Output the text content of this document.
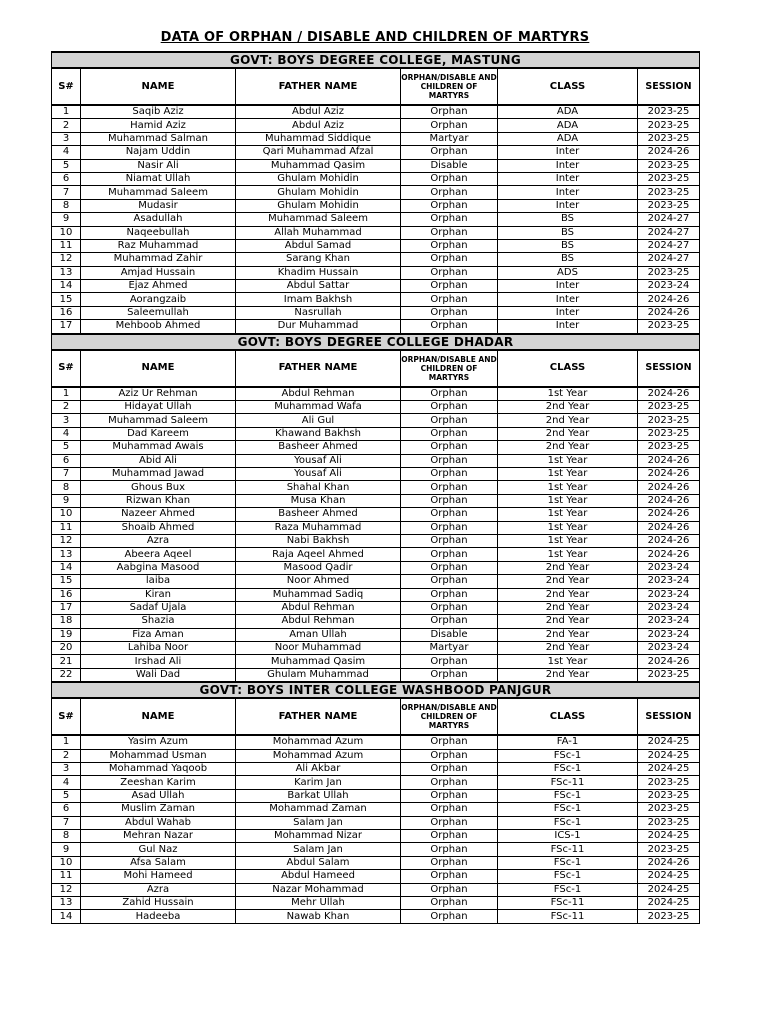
DATA OF ORPHAN / DISABLE AND CHILDREN OF MARTYRS
GOVT: BOYS DEGREE COLLEGE, MASTUNG					
S#	NAME	FATHER NAME	ORPHAN/DISABLE AND CHILDREN OF MARTYRS	CLASS	SESSION
1	Saqib Aziz	Abdul Aziz	Orphan	ADA	2023-25
2	Hamid Aziz	Abdul Aziz	Orphan	ADA	2023-25
3	Muhammad Salman	Muhammad Siddique	Martyar	ADA	2023-25
4	Najam Uddin	Qari Muhammad Afzal	Orphan	Inter	2024-26
5	Nasir Ali	Muhammad Qasim	Disable	Inter	2023-25
6	Niamat Ullah	Ghulam Mohidin	Orphan	Inter	2023-25
7	Muhammad Saleem	Ghulam Mohidin	Orphan	Inter	2023-25
8	Mudasir	Ghulam Mohidin	Orphan	Inter	2023-25
9	Asadullah	Muhammad Saleem	Orphan	BS	2024-27
10	Naqeebullah	Allah Muhammad	Orphan	BS	2024-27
11	Raz Muhammad	Abdul Samad	Orphan	BS	2024-27
12	Muhammad Zahir	Sarang Khan	Orphan	BS	2024-27
13	Amjad Hussain	Khadim Hussain	Orphan	ADS	2023-25
14	Ejaz Ahmed	Abdul Sattar	Orphan	Inter	2023-24
15	Aorangzaib	Imam Bakhsh	Orphan	Inter	2024-26
16	Saleemullah	Nasrullah	Orphan	Inter	2024-26
17	Mehboob Ahmed	Dur Muhammad	Orphan	Inter	2023-25
GOVT: BOYS DEGREE COLLEGE DHADAR					
S#	NAME	FATHER NAME	ORPHAN/DISABLE AND CHILDREN OF MARTYRS	CLASS	SESSION
1	Aziz Ur Rehman	Abdul Rehman	Orphan	1st Year	2024-26
2	Hidayat Ullah	Muhammad Wafa	Orphan	2nd Year	2023-25
3	Muhammad Saleem	Ali Gul	Orphan	2nd Year	2023-25
4	Dad Kareem	Khawand Bakhsh	Orphan	2nd Year	2023-25
5	Muhammad Awais	Basheer Ahmed	Orphan	2nd Year	2023-25
6	Abid Ali	Yousaf Ali	Orphan	1st Year	2024-26
7	Muhammad Jawad	Yousaf Ali	Orphan	1st Year	2024-26
8	Ghous Bux	Shahal Khan	Orphan	1st Year	2024-26
9	Rizwan Khan	Musa Khan	Orphan	1st Year	2024-26
10	Nazeer Ahmed	Basheer Ahmed	Orphan	1st Year	2024-26
11	Shoaib Ahmed	Raza Muhammad	Orphan	1st Year	2024-26
12	Azra	Nabi Bakhsh	Orphan	1st Year	2024-26
13	Abeera Aqeel	Raja Aqeel Ahmed	Orphan	1st Year	2024-26
14	Aabgina Masood	Masood Qadir	Orphan	2nd Year	2023-24
15	laiba	Noor Ahmed	Orphan	2nd Year	2023-24
16	Kiran	Muhammad Sadiq	Orphan	2nd Year	2023-24
17	Sadaf Ujala	Abdul Rehman	Orphan	2nd Year	2023-24
18	Shazia	Abdul Rehman	Orphan	2nd Year	2023-24
19	Fiza Aman	Aman Ullah	Disable	2nd Year	2023-24
20	Lahiba Noor	Noor Muhammad	Martyar	2nd Year	2023-24
21	Irshad Ali	Muhammad Qasim	Orphan	1st Year	2024-26
22	Wali Dad	Ghulam Muhammad	Orphan	2nd Year	2023-25
GOVT: BOYS INTER COLLEGE WASHBOOD PANJGUR					
S#	NAME	FATHER NAME	ORPHAN/DISABLE AND CHILDREN OF MARTYRS	CLASS	SESSION
1	Yasim Azum	Mohammad Azum	Orphan	FA-1	2024-25
2	Mohammad Usman	Mohammad Azum	Orphan	FSc-1	2024-25
3	Mohammad Yaqoob	Ali Akbar	Orphan	FSc-1	2024-25
4	Zeeshan Karim	Karim Jan	Orphan	FSc-11	2023-25
5	Asad Ullah	Barkat Ullah	Orphan	FSc-1	2023-25
6	Muslim Zaman	Mohammad Zaman	Orphan	FSc-1	2023-25
7	Abdul Wahab	Salam Jan	Orphan	FSc-1	2023-25
8	Mehran Nazar	Mohammad Nizar	Orphan	ICS-1	2024-25
9	Gul Naz	Salam Jan	Orphan	FSc-11	2023-25
10	Afsa Salam	Abdul Salam	Orphan	FSc-1	2024-26
11	Mohi Hameed	Abdul Hameed	Orphan	FSc-1	2024-25
12	Azra	Nazar Mohammad	Orphan	FSc-1	2024-25
13	Zahid Hussain	Mehr Ullah	Orphan	FSc-11	2024-25
14	Hadeeba	Nawab Khan	Orphan	FSc-11	2023-25
